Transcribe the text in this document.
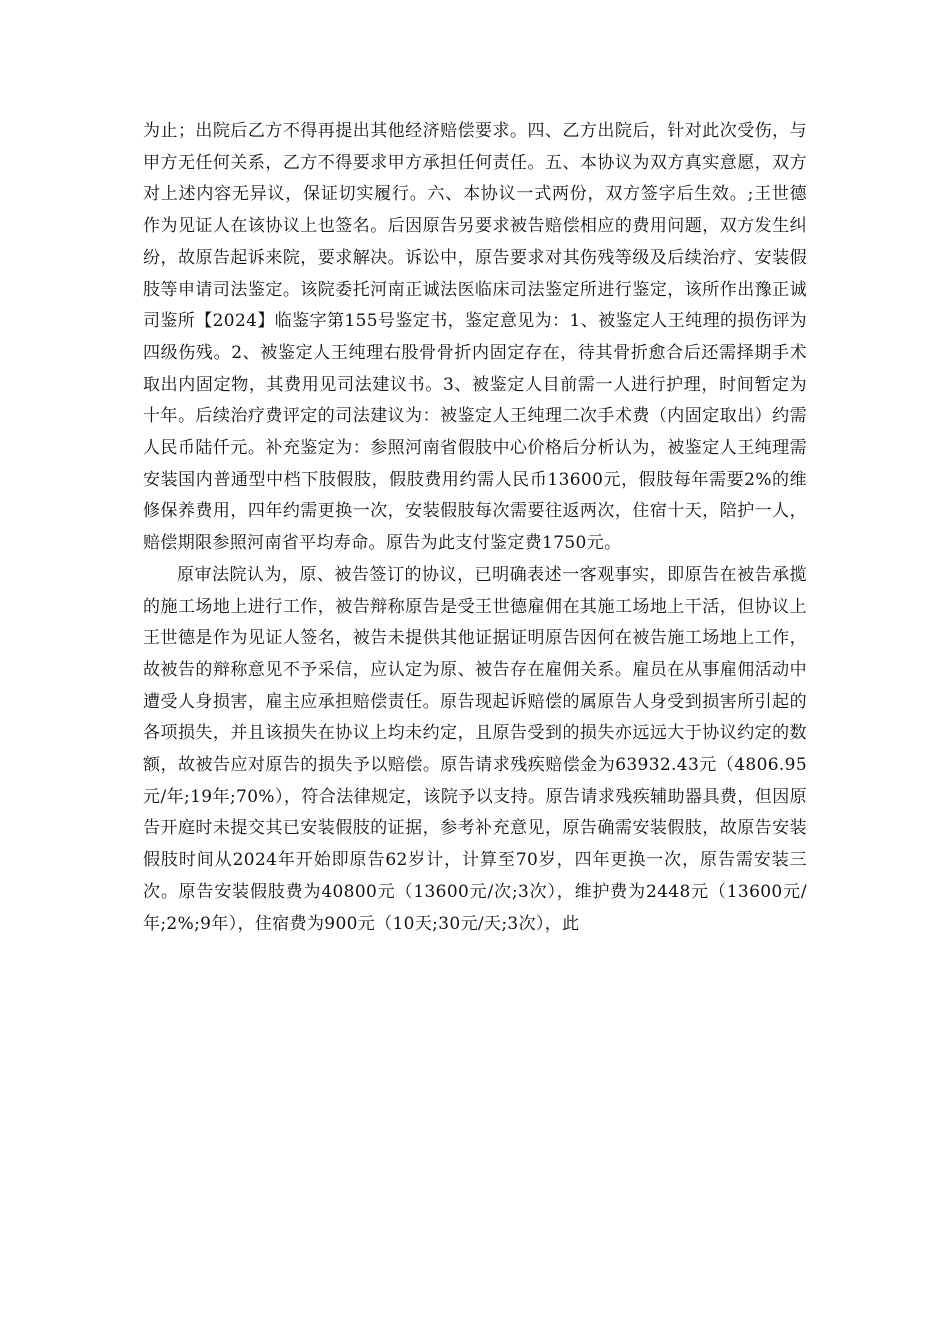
为止；出院后乙方不得再提出其他经济赔偿要求。四、乙方出院后，针对此次受伤，与甲方无任何关系，乙方不得要求甲方承担任何责任。五、本协议为双方真实意愿，双方对上述内容无异议，保证切实履行。六、本协议一式两份，双方签字后生效。;王世德作为见证人在该协议上也签名。后因原告另要求被告赔偿相应的费用问题，双方发生纠纷，故原告起诉来院，要求解决。诉讼中，原告要求对其伤残等级及后续治疗、安装假肢等申请司法鉴定。该院委托河南正诚法医临床司法鉴定所进行鉴定，该所作出豫正诚司鉴所【2024】临鉴字第155号鉴定书，鉴定意见为：1、被鉴定人王纯理的损伤评为四级伤残。2、被鉴定人王纯理右股骨骨折内固定存在，待其骨折愈合后还需择期手术取出内固定物，其费用见司法建议书。3、被鉴定人目前需一人进行护理，时间暂定为十年。后续治疗费评定的司法建议为：被鉴定人王纯理二次手术费（内固定取出）约需人民币陆仟元。补充鉴定为：参照河南省假肢中心价格后分析认为，被鉴定人王纯理需安装国内普通型中档下肢假肢，假肢费用约需人民币13600元，假肢每年需要2%的维修保养费用，四年约需更换一次，安装假肢每次需要往返两次，住宿十天，陪护一人，赔偿期限参照河南省平均寿命。原告为此支付鉴定费1750元。

原审法院认为，原、被告签订的协议，已明确表述一客观事实，即原告在被告承揽的施工场地上进行工作，被告辩称原告是受王世德雇佣在其施工场地上干活，但协议上王世德是作为见证人签名，被告未提供其他证据证明原告因何在被告施工场地上工作，故被告的辩称意见不予采信，应认定为原、被告存在雇佣关系。雇员在从事雇佣活动中遭受人身损害，雇主应承担赔偿责任。原告现起诉赔偿的属原告人身受到损害所引起的各项损失，并且该损失在协议上均未约定，且原告受到的损失亦远远大于协议约定的数额，故被告应对原告的损失予以赔偿。原告请求残疾赔偿金为63932.43元（4806.95元/年;19年;70%），符合法律规定，该院予以支持。原告请求残疾辅助器具费，但因原告开庭时未提交其已安装假肢的证据，参考补充意见，原告确需安装假肢，故原告安装假肢时间从2024年开始即原告62岁计，计算至70岁，四年更换一次，原告需安装三次。原告安装假肢费为40800元（13600元/次;3次），维护费为2448元（13600元/年;2%;9年），住宿费为900元（10天;30元/天;3次），此
